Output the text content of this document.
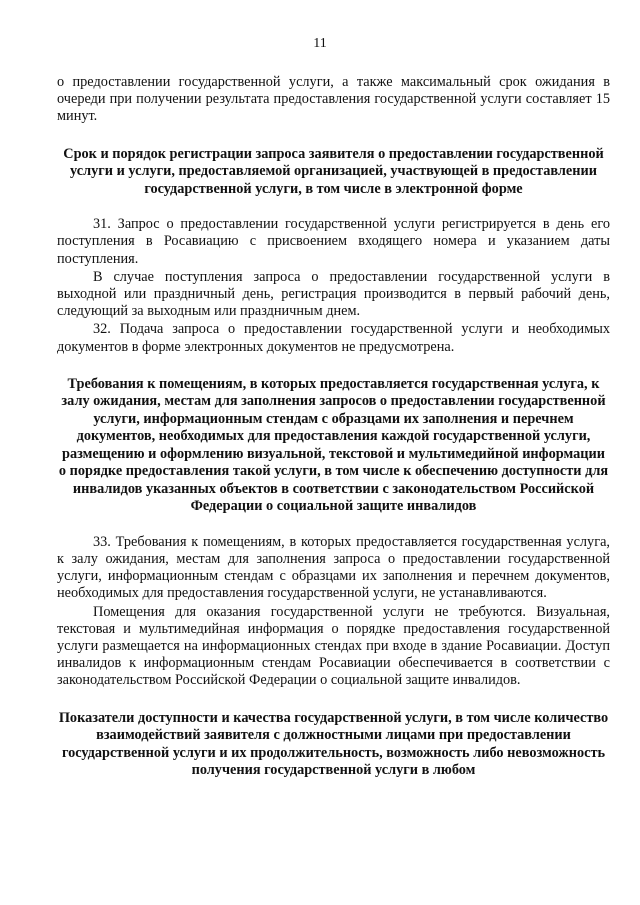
11

о предоставлении государственной услуги, а также максимальный срок ожидания в очереди при получении результата предоставления государственной услуги составляет 15 минут.

Срок и порядок регистрации запроса заявителя о предоставлении государственной услуги и услуги, предоставляемой организацией, участвующей в предоставлении государственной услуги, в том числе в электронной форме

31. Запрос о предоставлении государственной услуги регистрируется в день его поступления в Росавиацию с присвоением входящего номера и указанием даты поступления.

В случае поступления запроса о предоставлении государственной услуги в выходной или праздничный день, регистрация производится в первый рабочий день, следующий за выходным или праздничным днем.

32. Подача запроса о предоставлении государственной услуги и необходимых документов в форме электронных документов не предусмотрена.

Требования к помещениям, в которых предоставляется государственная услуга, к залу ожидания, местам для заполнения запросов о предоставлении государственной услуги, информационным стендам с образцами их заполнения и перечнем документов, необходимых для предоставления каждой государственной услуги, размещению и оформлению визуальной, текстовой и мультимедийной информации о порядке предоставления такой услуги, в том числе к обеспечению доступности для инвалидов указанных объектов в соответствии с законодательством Российской Федерации о социальной защите инвалидов

33. Требования к помещениям, в которых предоставляется государственная услуга, к залу ожидания, местам для заполнения запроса о предоставлении государственной услуги, информационным стендам с образцами их заполнения и перечнем документов, необходимых для предоставления государственной услуги, не устанавливаются.

Помещения для оказания государственной услуги не требуются. Визуальная, текстовая и мультимедийная информация о порядке предоставления государственной услуги размещается на информационных стендах при входе в здание Росавиации. Доступ инвалидов к информационным стендам Росавиации обеспечивается в соответствии с законодательством Российской Федерации о социальной защите инвалидов.

Показатели доступности и качества государственной услуги, в том числе количество взаимодействий заявителя с должностными лицами при предоставлении государственной услуги и их продолжительность, возможность либо невозможность получения государственной услуги в любом
